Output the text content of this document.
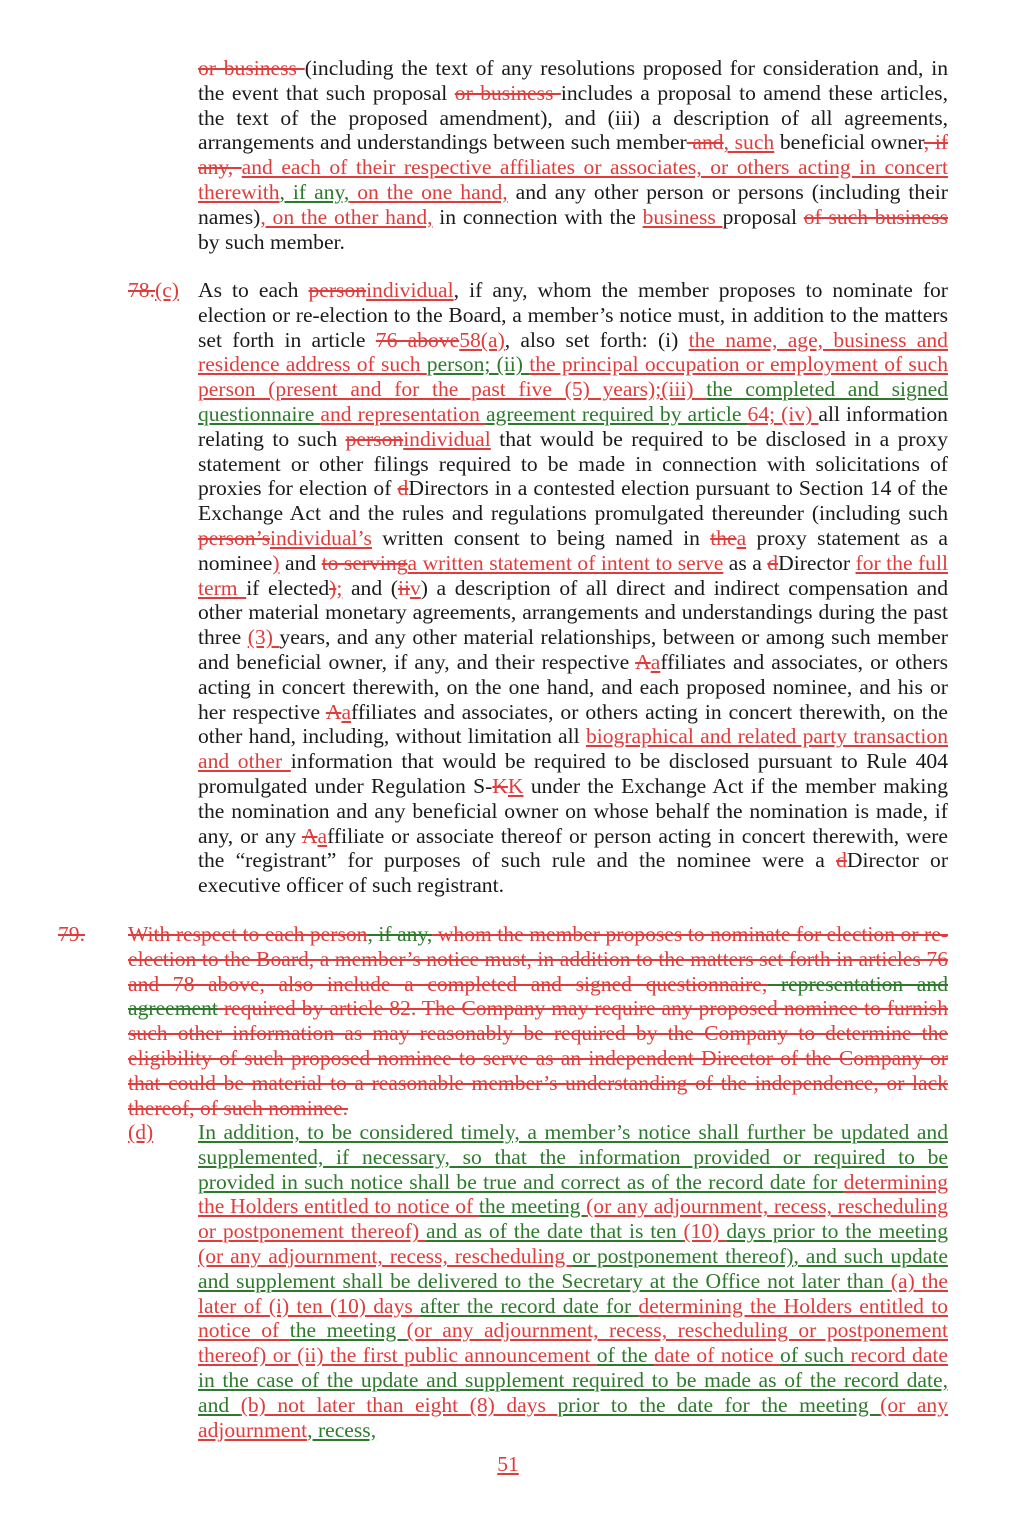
or business (including the text of any resolutions proposed for consideration and, in the event that such proposal or business includes a proposal to amend these articles, the text of the proposed amendment), and (iii) a description of all agreements, arrangements and understandings between such member and, such beneficial owner, if any, and each of their respective affiliates or associates, or others acting in concert therewith, if any, on the one hand, and any other person or persons (including their names), on the other hand, in connection with the business proposal of such business by such member.

78.(c) As to each personindividual, if any, whom the member proposes to nominate for election or re-election to the Board, a member’s notice must, in addition to the matters set forth in article 76 above58(a), also set forth: (i) the name, age, business and residence address of such person; (ii) the principal occupation or employment of such person (present and for the past five (5) years);(iii) the completed and signed questionnaire and representation agreement required by article 64; (iv) all information relating to such personindividual that would be required to be disclosed in a proxy statement or other filings required to be made in connection with solicitations of proxies for election of dDirectors in a contested election pursuant to Section 14 of the Exchange Act and the rules and regulations promulgated thereunder (including such person’sindividual’s written consent to being named in thea proxy statement as a nominee) and to servinga written statement of intent to serve as a dDirector for the full term if elected); and (iiv) a description of all direct and indirect compensation and other material monetary agreements, arrangements and understandings during the past three (3) years, and any other material relationships, between or among such member and beneficial owner, if any, and their respective Aaffiliates and associates, or others acting in concert therewith, on the one hand, and each proposed nominee, and his or her respective Aaffiliates and associates, or others acting in concert therewith, on the other hand, including, without limitation all biographical and related party transaction and other information that would be required to be disclosed pursuant to Rule 404 promulgated under Regulation S-KK under the Exchange Act if the member making the nomination and any beneficial owner on whose behalf the nomination is made, if any, or any Aaffiliate or associate thereof or person acting in concert therewith, were the “registrant” for purposes of such rule and the nominee were a dDirector or executive officer of such registrant.

79. With respect to each person, if any, whom the member proposes to nominate for election or re-election to the Board, a member’s notice must, in addition to the matters set forth in articles 76 and 78 above, also include a completed and signed questionnaire, representation and agreement required by article 82. The Company may require any proposed nominee to furnish such other information as may reasonably be required by the Company to determine the eligibility of such proposed nominee to serve as an independent Director of the Company or that could be material to a reasonable member’s understanding of the independence, or lack thereof, of such nominee.

(d) In addition, to be considered timely, a member’s notice shall further be updated and supplemented, if necessary, so that the information provided or required to be provided in such notice shall be true and correct as of the record date for determining the Holders entitled to notice of the meeting (or any adjournment, recess, rescheduling or postponement thereof) and as of the date that is ten (10) days prior to the meeting (or any adjournment, recess, rescheduling or postponement thereof), and such update and supplement shall be delivered to the Secretary at the Office not later than (a) the later of (i) ten (10) days after the record date for determining the Holders entitled to notice of the meeting (or any adjournment, recess, rescheduling or postponement thereof) or (ii) the first public announcement of the date of notice of such record date in the case of the update and supplement required to be made as of the record date, and (b) not later than eight (8) days prior to the date for the meeting (or any adjournment, recess,

51
